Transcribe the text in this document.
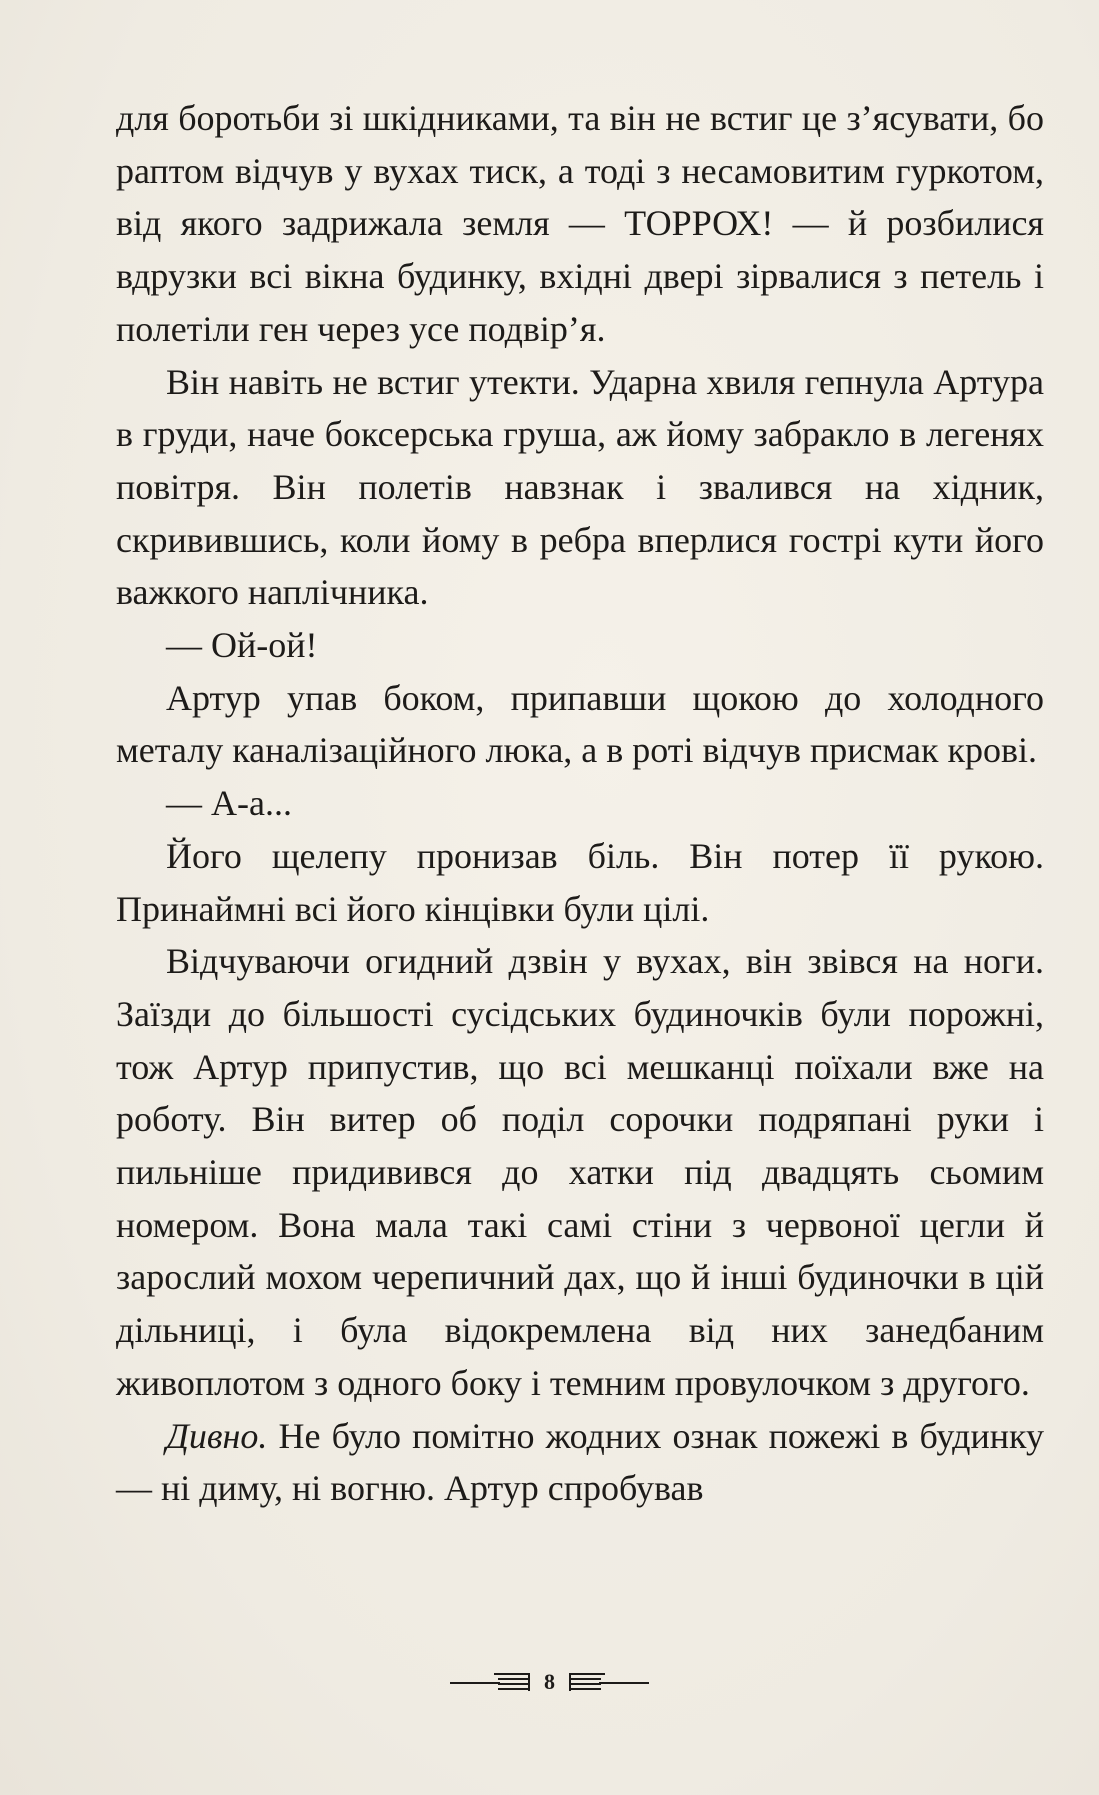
для боротьби зі шкідниками, та він не встиг це з’ясувати, бо раптом відчув у вухах тиск, а тоді з несамовитим гуркотом, від якого задрижала земля — ТОРРОХ! — й розбилися вдрузки всі вікна будинку, вхідні двері зірвалися з петель і полетіли ген через усе подвір’я.

Він навіть не встиг утекти. Ударна хвиля гепнула Артура в груди, наче боксерська груша, аж йому забракло в легенях повітря. Він полетів навзнак і звалився на хідник, скривившись, коли йому в ребра вперлися гострі кути його важкого наплічника.

— Ой-ой!

Артур упав боком, припавши щокою до холодного металу каналізаційного люка, а в роті відчув присмак крові.

— А-а...

Його щелепу пронизав біль. Він потер її рукою. Принаймні всі його кінцівки були цілі.

Відчуваючи огидний дзвін у вухах, він звівся на ноги. Заїзди до більшості сусідських будиночків були порожні, тож Артур припустив, що всі мешканці поїхали вже на роботу. Він витер об поділ сорочки подряпані руки і пильніше придивився до хатки під двадцять сьомим номером. Вона мала такі самі стіни з червоної цегли й зарослий мохом черепичний дах, що й інші будиночки в цій дільниці, і була відокремлена від них занедбаним живоплотом з одного боку і темним провулочком з другого.

Дивно. Не було помітно жодних ознак пожежі в будинку — ні диму, ні вогню. Артур спробував

8
